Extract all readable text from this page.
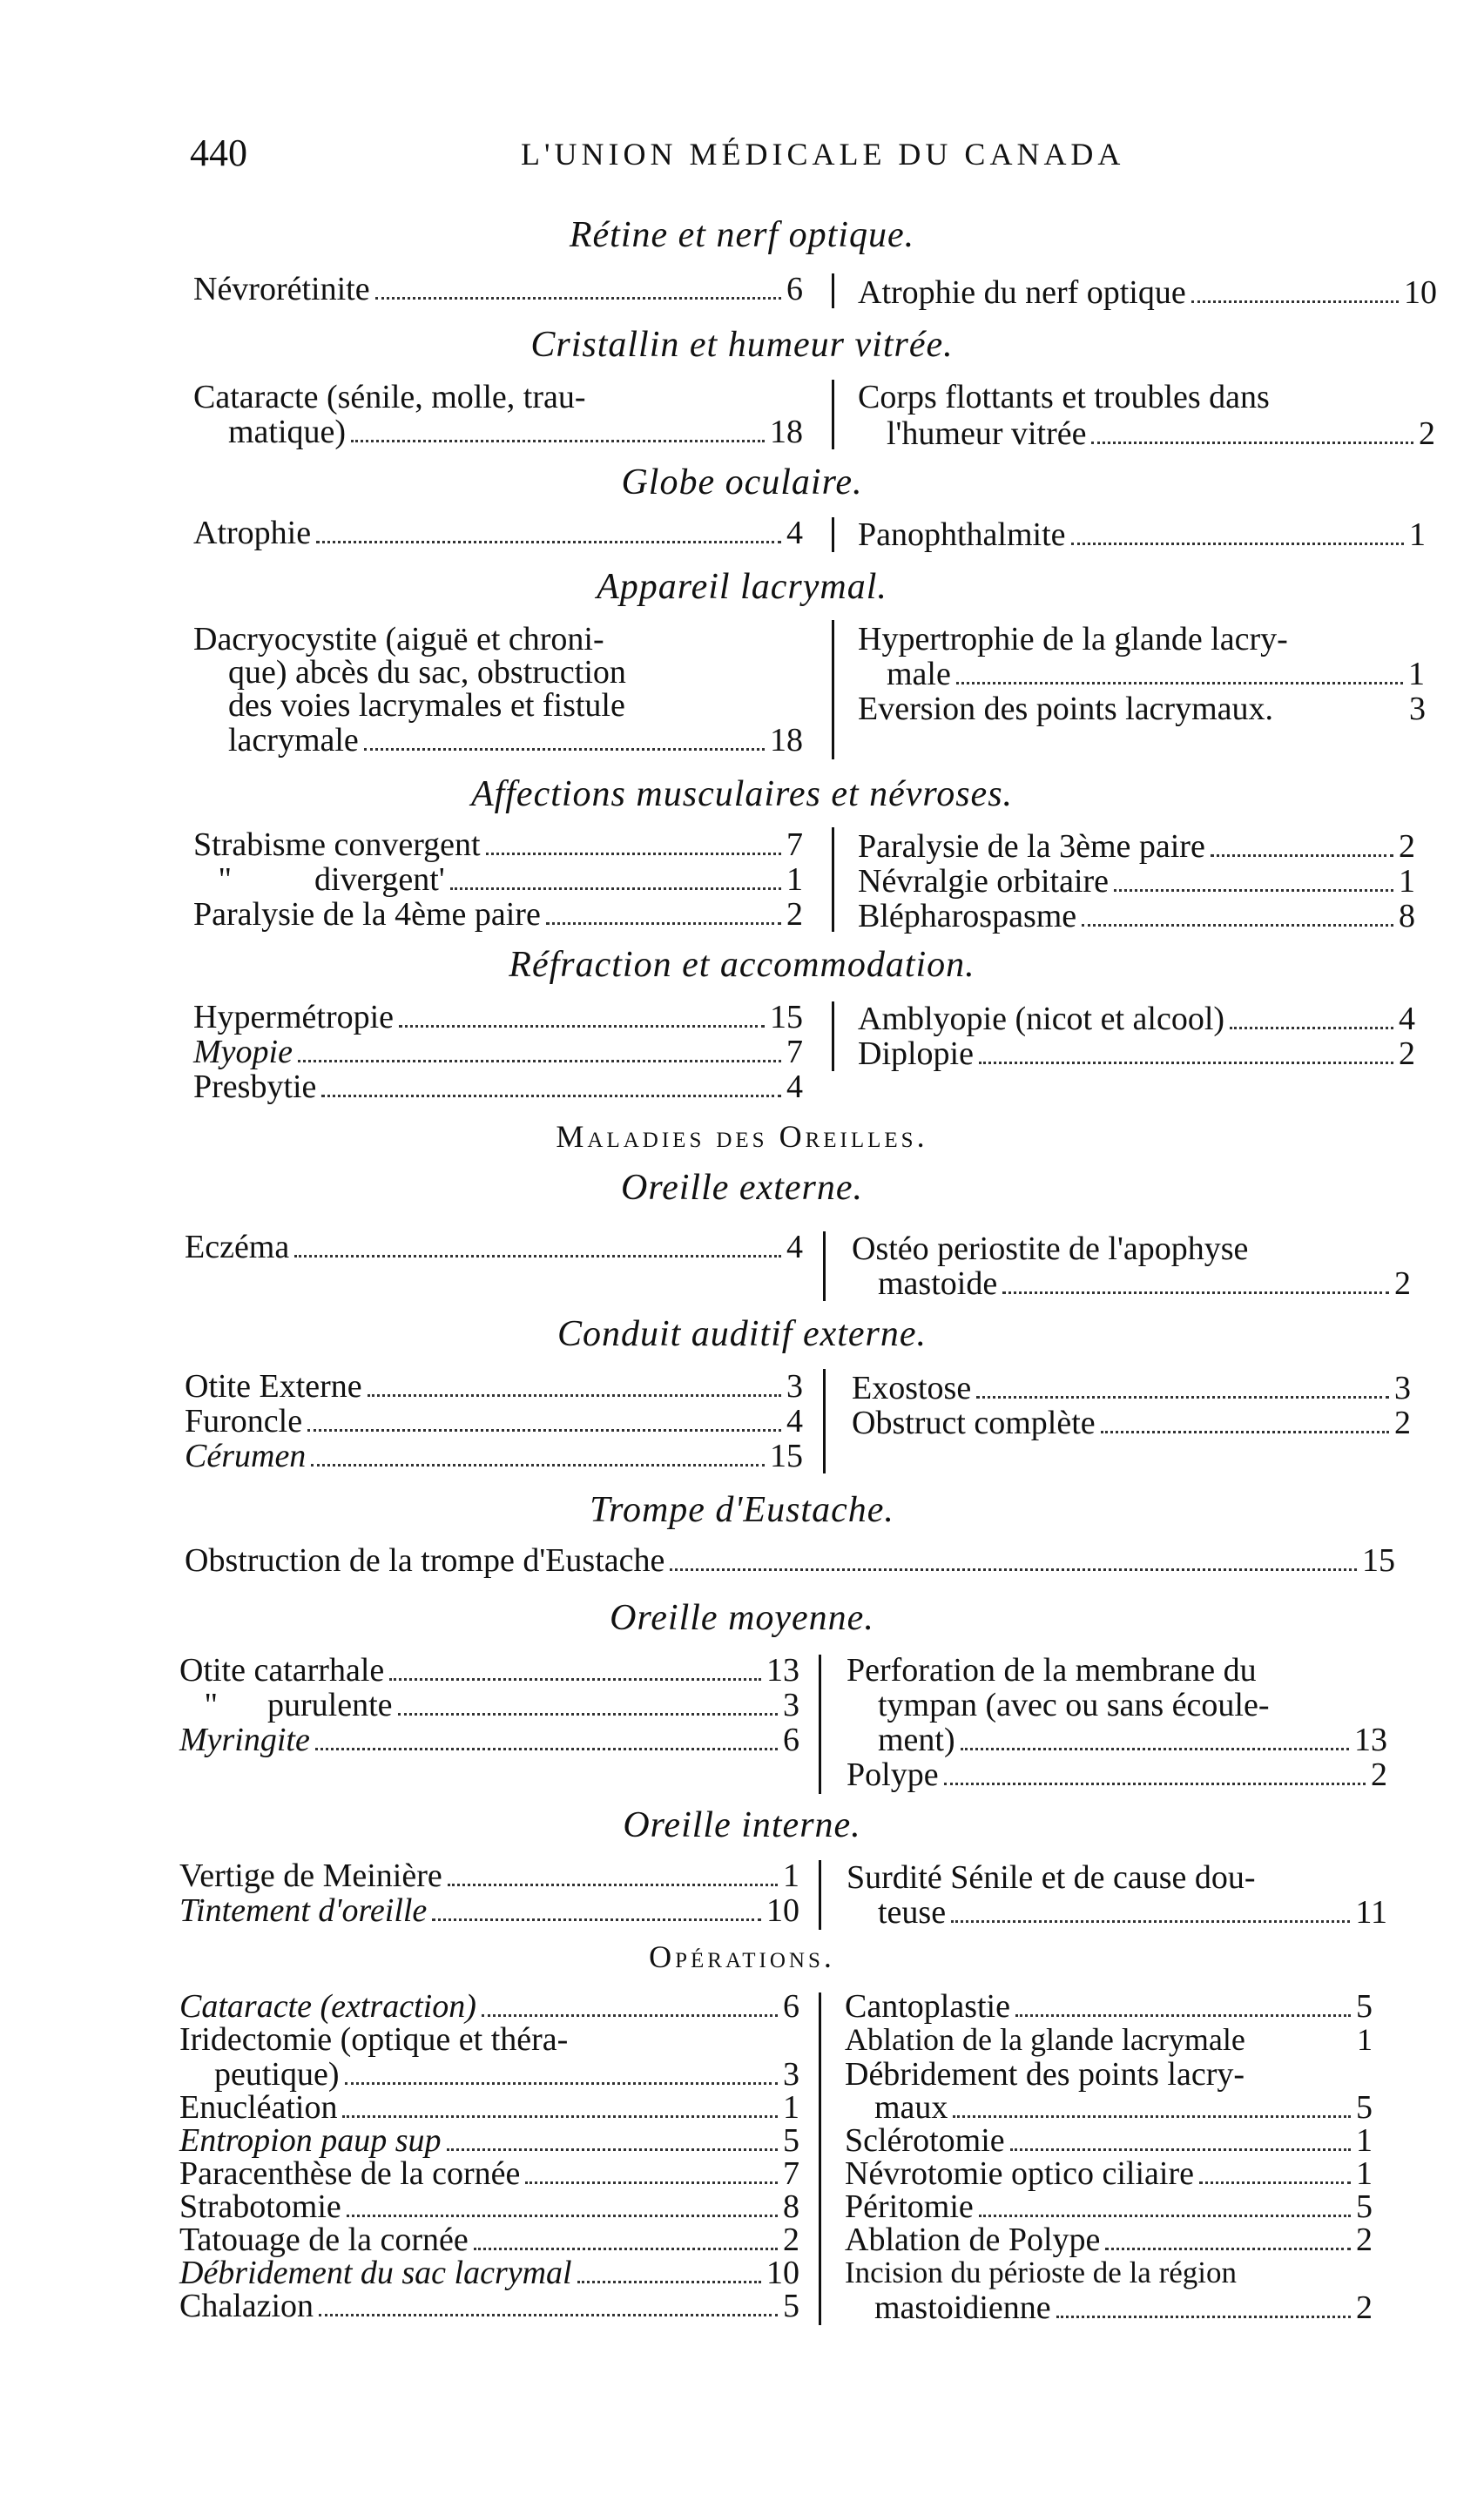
440	L'UNION MÉDICALE DU CANADA
Rétine et nerf optique.
Névrorétinite	6 Atrophie du nerf optique	10
Cristallin et humeur vitrée.
Cataracte (sénile, molle, trau-
matique)	18
Corps flottants et troubles dans
l'humeur vitrée	2
Globe oculaire.
Atrophie	4 Panophthalmite	1
Appareil lacrymal.
Dacryocystite (aiguë et chroni-
que) abcès du sac, obstruction
des voies lacrymales et fistule
lacrymale	18
Hypertrophie de la glande lacry-
male	1
Eversion des points lacrymaux.	3
Affections musculaires et névroses.
Strabisme convergent	7
"          divergent'	1
Paralysie de la 4ème paire	2
Paralysie de la 3ème paire	2
Névralgie orbitaire	1
Blépharospasme	8
Réfraction et accommodation.
Hypermétropie	15
Myopie	7
Presbytie	4
Amblyopie (nicot et alcool)	4
Diplopie	2
Maladies des Oreilles.
Oreille externe.
Eczéma	4 Ostéo periostite de l'apophyse
mastoide	2
Conduit auditif externe.
Otite Externe	3
Furoncle	4
Cérumen	15
Exostose	3
Obstruct complète	2
Trompe d'Eustache.
Obstruction de la trompe d'Eustache	15
Oreille moyenne.
Otite catarrhale	13
"      purulente	3
Myringite	6
Perforation de la membrane du
tympan (avec ou sans écoule-
ment)	13
Polype	2
Oreille interne.
Vertige de Meinière	1
Tintement d'oreille	10
Surdité Sénile et de cause dou-
teuse	11
Opérations.
Cataracte (extraction)	6
Iridectomie (optique et théra-
peutique)	3
Enucléation	1
Entropion paup sup	5
Paracenthèse de la cornée	7
Strabotomie	8
Tatouage de la cornée	2
Débridement du sac lacrymal	10
Chalazion	5
Cantoplastie	5
Ablation de la glande lacrymale	1
Débridement des points lacry-
maux	5
Sclérotomie	1
Névrotomie optico ciliaire	1
Péritomie	5
Ablation de Polype	2
Incision du périoste de la région
mastoidienne	2
